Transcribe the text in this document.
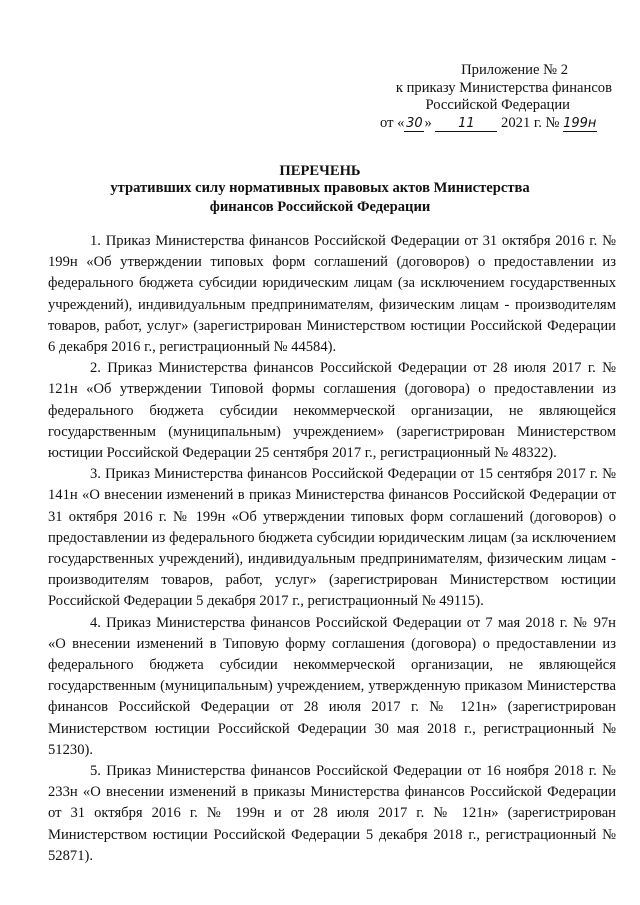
Приложение № 2
к приказу Министерства финансов
Российской Федерации
от « 30 » 11 2021 г. № 199н
ПЕРЕЧЕНЬ
утративших силу нормативных правовых актов Министерства финансов Российской Федерации

1. Приказ Министерства финансов Российской Федерации от 31 октября 2016 г. № 199н «Об утверждении типовых форм соглашений (договоров) о предоставлении из федерального бюджета субсидии юридическим лицам (за исключением государственных учреждений), индивидуальным предпринимателям, физическим лицам - производителям товаров, работ, услуг» (зарегистрирован Министерством юстиции Российской Федерации 6 декабря 2016 г., регистрационный № 44584).

2. Приказ Министерства финансов Российской Федерации от 28 июля 2017 г. № 121н «Об утверждении Типовой формы соглашения (договора) о предоставлении из федерального бюджета субсидии некоммерческой организации, не являющейся государственным (муниципальным) учреждением» (зарегистрирован Министерством юстиции Российской Федерации 25 сентября 2017 г., регистрационный № 48322).

3. Приказ Министерства финансов Российской Федерации от 15 сентября 2017 г. № 141н «О внесении изменений в приказ Министерства финансов Российской Федерации от 31 октября 2016 г. № 199н «Об утверждении типовых форм соглашений (договоров) о предоставлении из федерального бюджета субсидии юридическим лицам (за исключением государственных учреждений), индивидуальным предпринимателям, физическим лицам - производителям товаров, работ, услуг» (зарегистрирован Министерством юстиции Российской Федерации 5 декабря 2017 г., регистрационный № 49115).

4. Приказ Министерства финансов Российской Федерации от 7 мая 2018 г. № 97н «О внесении изменений в Типовую форму соглашения (договора) о предоставлении из федерального бюджета субсидии некоммерческой организации, не являющейся государственным (муниципальным) учреждением, утвержденную приказом Министерства финансов Российской Федерации от 28 июля 2017 г. № 121н» (зарегистрирован Министерством юстиции Российской Федерации 30 мая 2018 г., регистрационный № 51230).

5. Приказ Министерства финансов Российской Федерации от 16 ноября 2018 г. № 233н «О внесении изменений в приказы Министерства финансов Российской Федерации от 31 октября 2016 г. № 199н и от 28 июля 2017 г. № 121н» (зарегистрирован Министерством юстиции Российской Федерации 5 декабря 2018 г., регистрационный № 52871).
